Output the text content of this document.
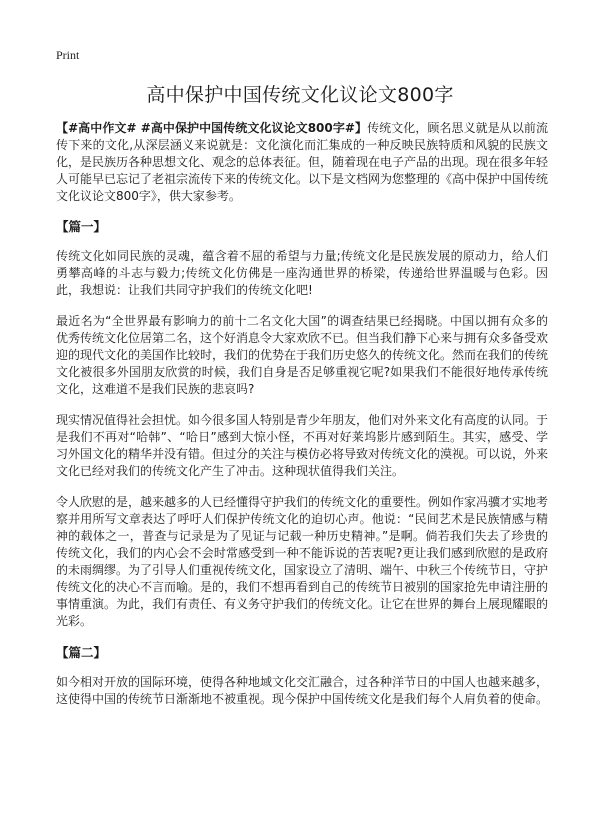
Print
高中保护中国传统文化议论文800字

【#高中作文# #高中保护中国传统文化议论文800字#】传统文化，顾名思义就是从以前流传下来的文化,从深层涵义来说就是：文化演化而汇集成的一种反映民族特质和风貌的民族文化，是民族历各种思想文化、观念的总体表征。但，随着现在电子产品的出现。现在很多年轻人可能早已忘记了老祖宗流传下来的传统文化。以下是文档网为您整理的《高中保护中国传统文化议论文800字》，供大家参考。

【篇一】

传统文化如同民族的灵魂，蕴含着不屈的希望与力量;传统文化是民族发展的原动力，给人们勇攀高峰的斗志与毅力;传统文化仿佛是一座沟通世界的桥梁，传递给世界温暖与色彩。因此，我想说：让我们共同守护我们的传统文化吧!

最近名为“全世界最有影响力的前十二名文化大国”的调查结果已经揭晓。中国以拥有众多的优秀传统文化位居第二名，这个好消息令大家欢欣不已。但当我们静下心来与拥有众多备受欢迎的现代文化的美国作比较时，我们的优势在于我们历史悠久的传统文化。然而在我们的传统文化被很多外国朋友欣赏的时候，我们自身是否足够重视它呢?如果我们不能很好地传承传统文化，这难道不是我们民族的悲哀吗?

现实情况值得社会担忧。如今很多国人特别是青少年朋友，他们对外来文化有高度的认同。于是我们不再对“哈韩”、“哈日”感到大惊小怪，不再对好莱坞影片感到陌生。其实，感受、学习外国文化的精华并没有错。但过分的关注与模仿必将导致对传统文化的漠视。可以说，外来文化已经对我们的传统文化产生了冲击。这种现状值得我们关注。

令人欣慰的是，越来越多的人已经懂得守护我们的传统文化的重要性。例如作家冯骥才实地考察并用所写文章表达了呼吁人们保护传统文化的迫切心声。他说：“民间艺术是民族情感与精神的载体之一，普查与记录是为了见证与记载一种历史精神。”是啊。倘若我们失去了珍贵的传统文化，我们的内心会不会时常感受到一种不能诉说的苦衷呢?更让我们感到欣慰的是政府的未雨绸缪。为了引导人们重视传统文化，国家设立了清明、端午、中秋三个传统节日，守护传统文化的决心不言而喻。是的，我们不想再看到自己的传统节日被别的国家抢先申请注册的事情重演。为此，我们有责任、有义务守护我们的传统文化。让它在世界的舞台上展现耀眼的光彩。

【篇二】

如今相对开放的国际环境，使得各种地域文化交汇融合，过各种洋节日的中国人也越来越多，这使得中国的传统节日渐渐地不被重视。现今保护中国传统文化是我们每个人肩负着的使命。
